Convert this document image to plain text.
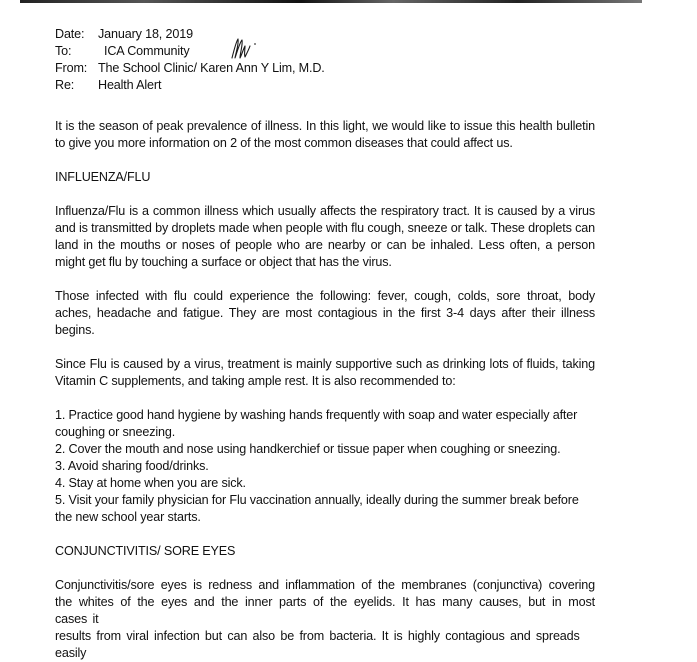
Date:	January 18, 2019
To:	ICA Community
From: The School Clinic/ Karen Ann Y Lim, M.D.
Re:	Health Alert

It is the season of peak prevalence of illness. In this light, we would like to issue this health bulletin to give you more information on 2 of the most common diseases that could affect us.

INFLUENZA/FLU

Influenza/Flu is a common illness which usually affects the respiratory tract. It is caused by a virus and is transmitted by droplets made when people with flu cough, sneeze or talk. These droplets can land in the mouths or noses of people who are nearby or can be inhaled. Less often, a person might get flu by touching a surface or object that has the virus.

Those infected with flu could experience the following: fever, cough, colds, sore throat, body aches, headache and fatigue. They are most contagious in the first 3-4 days after their illness begins.

Since Flu is caused by a virus, treatment is mainly supportive such as drinking lots of fluids, taking Vitamin C supplements, and taking ample rest. It is also recommended to:

1. Practice good hand hygiene by washing hands frequently with soap and water especially after coughing or sneezing.
2. Cover the mouth and nose using handkerchief or tissue paper when coughing or sneezing.
3. Avoid sharing food/drinks.
4. Stay at home when you are sick.
5. Visit your family physician for Flu vaccination annually, ideally during the summer break before the new school year starts.
CONJUNCTIVITIS/ SORE EYES
Conjunctivitis/sore eyes is redness and inflammation of the membranes (conjunctiva) covering the whites of the eyes and the inner parts of the eyelids. It has many causes, but in most cases it
results from viral infection but can also be from bacteria. It is highly contagious and spreads easily
